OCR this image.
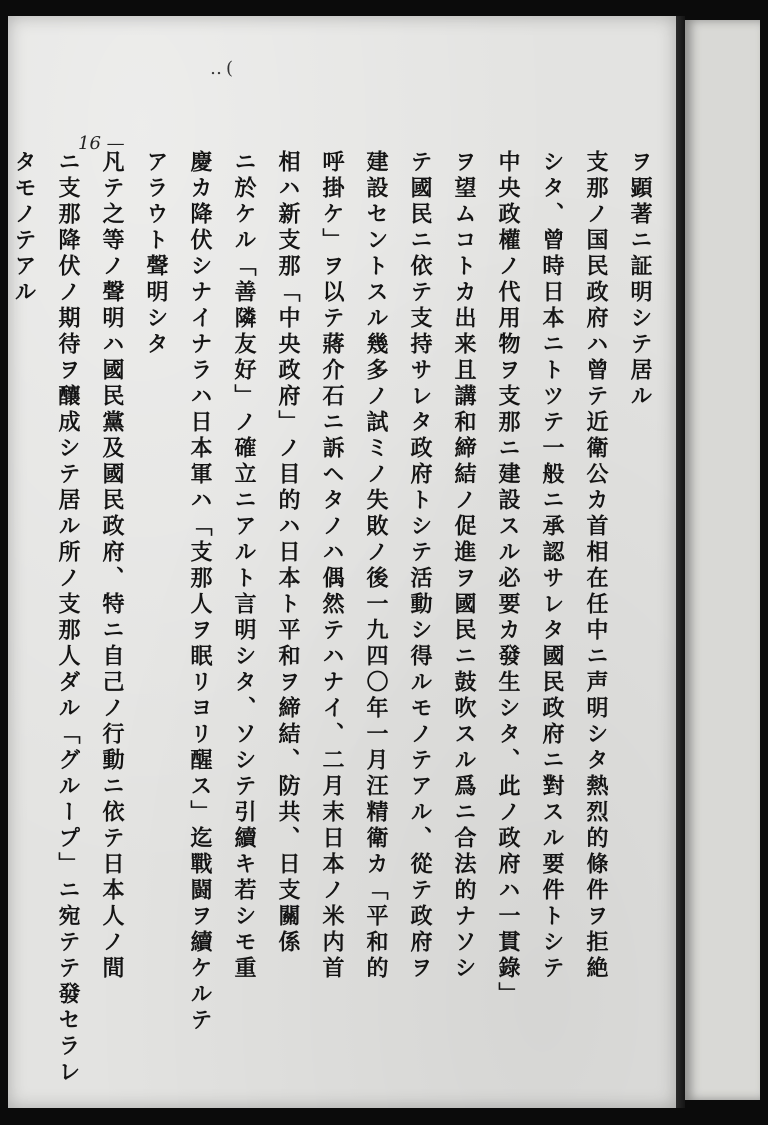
‥(
16 —
ヲ顕著ニ証明シテ居ル
支那ノ国民政府ハ曾テ近衛公カ首相在任中ニ声明シタ熱烈的條件ヲ拒絶
シタ、曾時日本ニトツテ一般ニ承認サレタ國民政府ニ對スル要件トシテ
中央政權ノ代用物ヲ支那ニ建設スル必要カ發生シタ、此ノ政府ハ一貫錄」
ヲ望ムコトカ出来且講和締結ノ促進ヲ國民ニ鼓吹スル爲ニ合法的ナソシ
テ國民ニ依テ支持サレタ政府トシテ活動シ得ルモノテアル、從テ政府ヲ
建設セントスル幾多ノ試ミノ失敗ノ後一九四〇年一月汪精衛カ「平和的
呼掛ケ」ヲ以テ蔣介石ニ訴ヘタノハ偶然テハナイ、二月末日本ノ米内首
相ハ新支那「中央政府」ノ目的ハ日本ト平和ヲ締結、防共、日支關係
ニ於ケル「善隣友好」ノ確立ニアルト言明シタ、ソシテ引續キ若シモ重
慶カ降伏シナイナラハ日本軍ハ「支那人ヲ眠リヨリ醒ス」迄戰闘ヲ續ケルテ
アラウト聲明シタ
凡テ之等ノ聲明ハ國民黨及國民政府、特ニ自己ノ行動ニ依テ日本人ノ間
ニ支那降伏ノ期待ヲ釀成シテ居ル所ノ支那人ダル「グループ」ニ宛テテ發セラレ
タモノテアル
